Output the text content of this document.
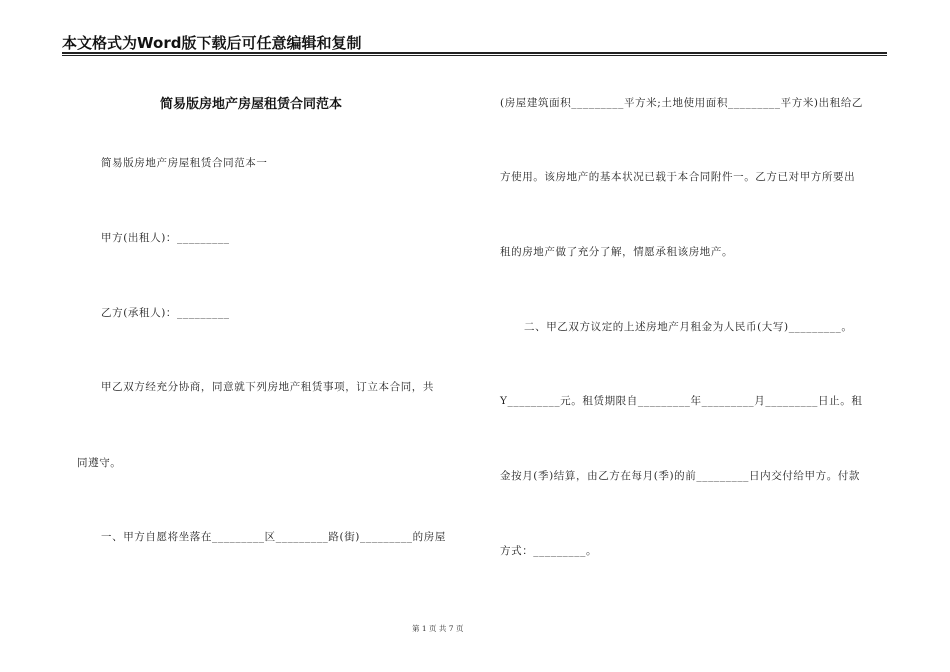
本文格式为Word版下载后可任意编辑和复制
简易版房地产房屋租赁合同范本
简易版房地产房屋租赁合同范本一
甲方(出租人)：_________
乙方(承租人)：_________
甲乙双方经充分协商，同意就下列房地产租赁事项，订立本合同，共
同遵守。
一、甲方自愿将坐落在_________区_________路(街)_________的房屋
(房屋建筑面积_________平方米;土地使用面积_________平方米)出租给乙
方使用。该房地产的基本状况已载于本合同附件一。乙方已对甲方所要出
租的房地产做了充分了解，情愿承租该房地产。
二、甲乙双方议定的上述房地产月租金为人民币(大写)_________。
Y_________元。租赁期限自_________年_________月_________日止。租
金按月(季)结算，由乙方在每月(季)的前_________日内交付给甲方。付款
方式：_________。
第 1 页 共 7 页
